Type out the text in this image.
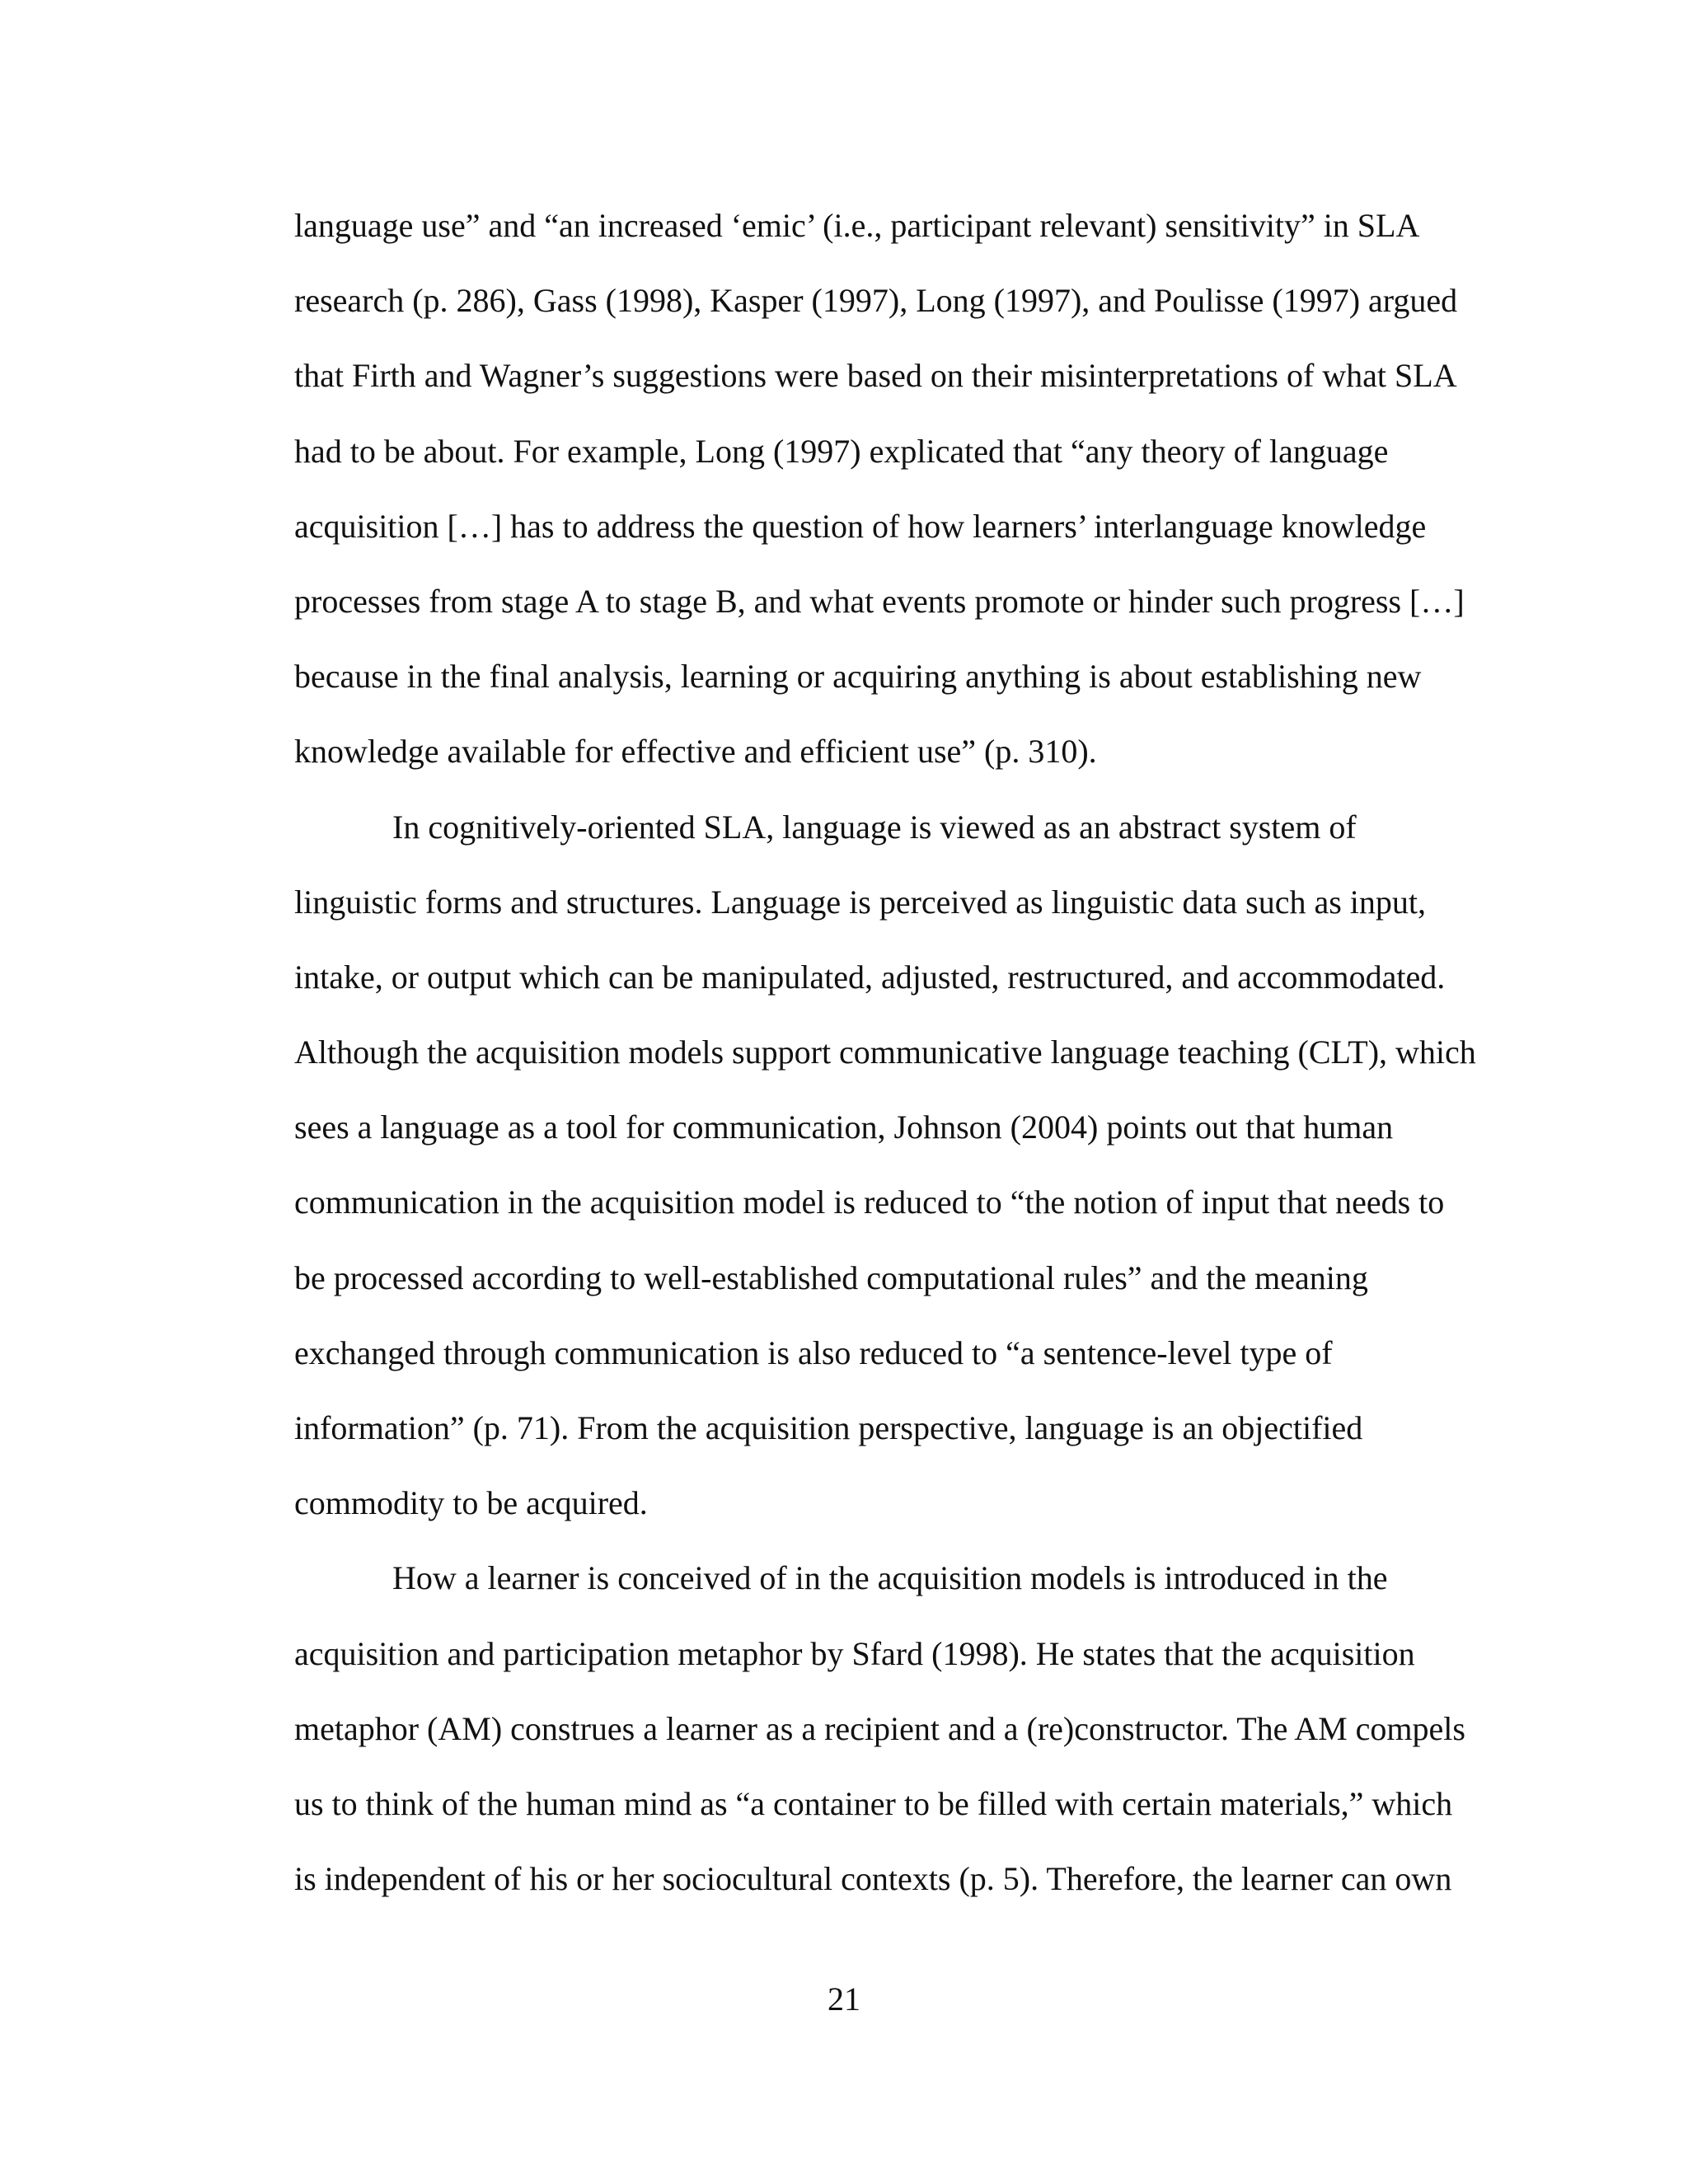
language use” and “an increased ‘emic’ (i.e., participant relevant) sensitivity” in SLA
research (p. 286), Gass (1998), Kasper (1997), Long (1997), and Poulisse (1997) argued
that Firth and Wagner’s suggestions were based on their misinterpretations of what SLA
had to be about. For example, Long (1997) explicated that “any theory of language
acquisition […] has to address the question of how learners’ interlanguage knowledge
processes from stage A to stage B, and what events promote or hinder such progress […]
because in the final analysis, learning or acquiring anything is about establishing new
knowledge available for effective and efficient use” (p. 310).
In cognitively-oriented SLA, language is viewed as an abstract system of
linguistic forms and structures. Language is perceived as linguistic data such as input,
intake, or output which can be manipulated, adjusted, restructured, and accommodated.
Although the acquisition models support communicative language teaching (CLT), which
sees a language as a tool for communication, Johnson (2004) points out that human
communication in the acquisition model is reduced to “the notion of input that needs to
be processed according to well-established computational rules” and the meaning
exchanged through communication is also reduced to “a sentence-level type of
information” (p. 71). From the acquisition perspective, language is an objectified
commodity to be acquired.
How a learner is conceived of in the acquisition models is introduced in the
acquisition and participation metaphor by Sfard (1998). He states that the acquisition
metaphor (AM) construes a learner as a recipient and a (re)constructor. The AM compels
us to think of the human mind as “a container to be filled with certain materials,” which
is independent of his or her sociocultural contexts (p. 5). Therefore, the learner can own
21
